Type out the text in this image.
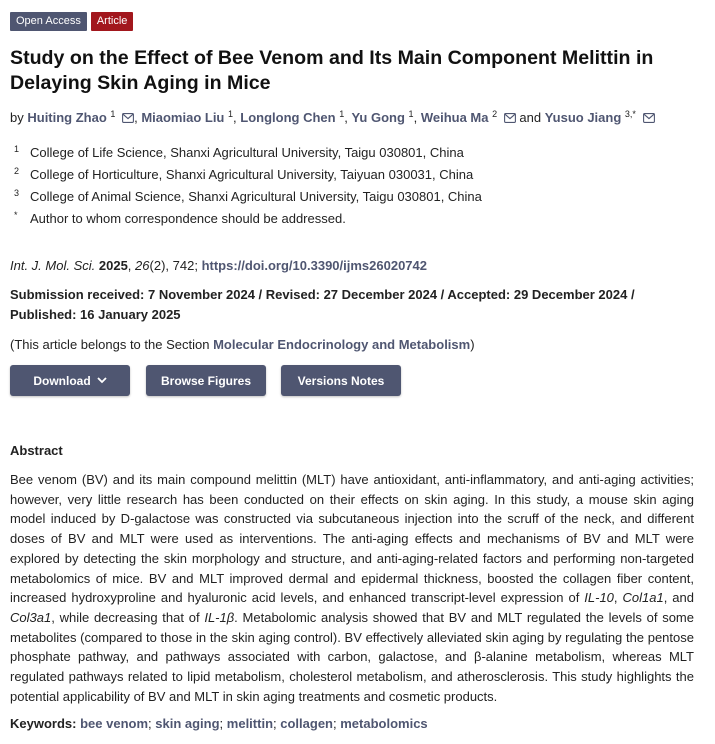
Open Access	Article
Study on the Effect of Bee Venom and Its Main Component Melittin in Delaying Skin Aging in Mice
by Huiting Zhao $^1$ , Miaomiao Liu $^1$, Longlong Chen $^1$, Yu Gong $^1$, Weihua Ma $^2$ and Yusuo Jiang $^{3,*}$
1 College of Life Science, Shanxi Agricultural University, Taigu 030801, China
2 College of Horticulture, Shanxi Agricultural University, Taiyuan 030031, China
3 College of Animal Science, Shanxi Agricultural University, Taigu 030801, China
* Author to whom correspondence should be addressed.
Int. J. Mol. Sci. 2025, 26(2), 742; https://doi.org/10.3390/ijms26020742

Submission received: 7 November 2024 / Revised: 27 December 2024 / Accepted: 29 December 2024 / Published: 16 January 2025

(This article belongs to the Section Molecular Endocrinology and Metabolism)
Download	Browse Figures	Versions Notes
Abstract

Bee venom (BV) and its main compound melittin (MLT) have antioxidant, anti-inflammatory, and anti-aging activities; however, very little research has been conducted on their effects on skin aging. In this study, a mouse skin aging model induced by D-galactose was constructed via subcutaneous injection into the scruff of the neck, and different doses of BV and MLT were used as interventions. The anti-aging effects and mechanisms of BV and MLT were explored by detecting the skin morphology and structure, and anti-aging-related factors and performing non-targeted metabolomics of mice. BV and MLT improved dermal and epidermal thickness, boosted the collagen fiber content, increased hydroxyproline and hyaluronic acid levels, and enhanced transcript-level expression of IL-10, Col1a1, and Col3a1, while decreasing that of IL-1β. Metabolomic analysis showed that BV and MLT regulated the levels of some metabolites (compared to those in the skin aging control). BV effectively alleviated skin aging by regulating the pentose phosphate pathway, and pathways associated with carbon, galactose, and β-alanine metabolism, whereas MLT regulated pathways related to lipid metabolism, cholesterol metabolism, and atherosclerosis. This study highlights the potential applicability of BV and MLT in skin aging treatments and cosmetic products.

Keywords: bee venom; skin aging; melittin; collagen; metabolomics
